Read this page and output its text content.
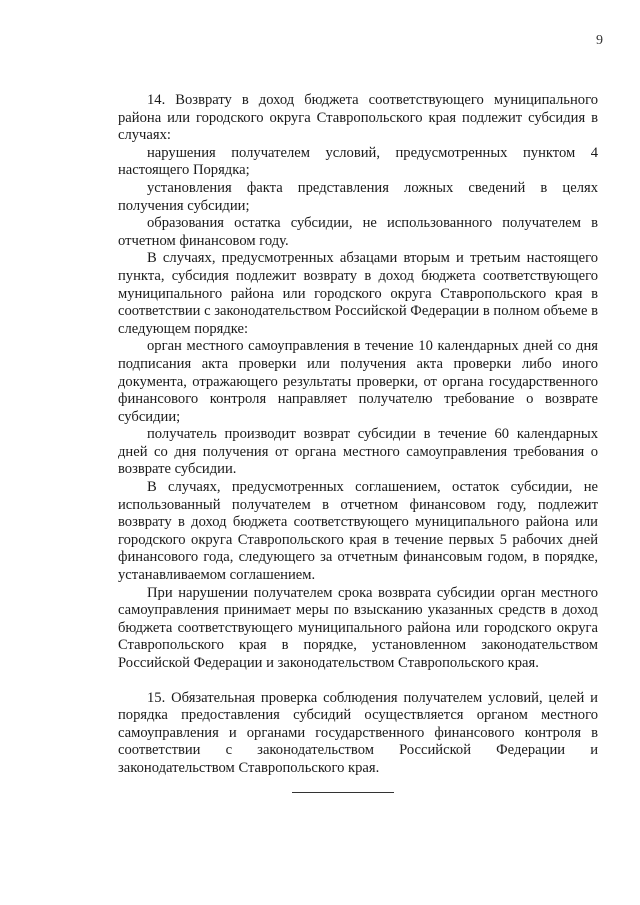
9

14. Возврату в доход бюджета соответствующего муниципального района или городского округа Ставропольского края подлежит субсидия в случаях:

нарушения получателем условий, предусмотренных пунктом 4 настоящего Порядка;

установления факта представления ложных сведений в целях получения субсидии;

образования остатка субсидии, не использованного получателем в отчетном финансовом году.

В случаях, предусмотренных абзацами вторым и третьим настоящего пункта, субсидия подлежит возврату в доход бюджета соответствующего муниципального района или городского округа Ставропольского края в соответствии с законодательством Российской Федерации в полном объеме в следующем порядке:

орган местного самоуправления в течение 10 календарных дней со дня подписания акта проверки или получения акта проверки либо иного документа, отражающего результаты проверки, от органа государственного финансового контроля направляет получателю требование о возврате субсидии;

получатель производит возврат субсидии в течение 60 календарных дней со дня получения от органа местного самоуправления требования о возврате субсидии.

В случаях, предусмотренных соглашением, остаток субсидии, не использованный получателем в отчетном финансовом году, подлежит возврату в доход бюджета соответствующего муниципального района или городского округа Ставропольского края в течение первых 5 рабочих дней финансового года, следующего за отчетным финансовым годом, в порядке, устанавливаемом соглашением.

При нарушении получателем срока возврата субсидии орган местного самоуправления принимает меры по взысканию указанных средств в доход бюджета соответствующего муниципального района или городского округа Ставропольского края в порядке, установленном законодательством Российской Федерации и законодательством Ставропольского края.

15. Обязательная проверка соблюдения получателем условий, целей и порядка предоставления субсидий осуществляется органом местного самоуправления и органами государственного финансового контроля в соответствии с законодательством Российской Федерации и законодательством Ставропольского края.
